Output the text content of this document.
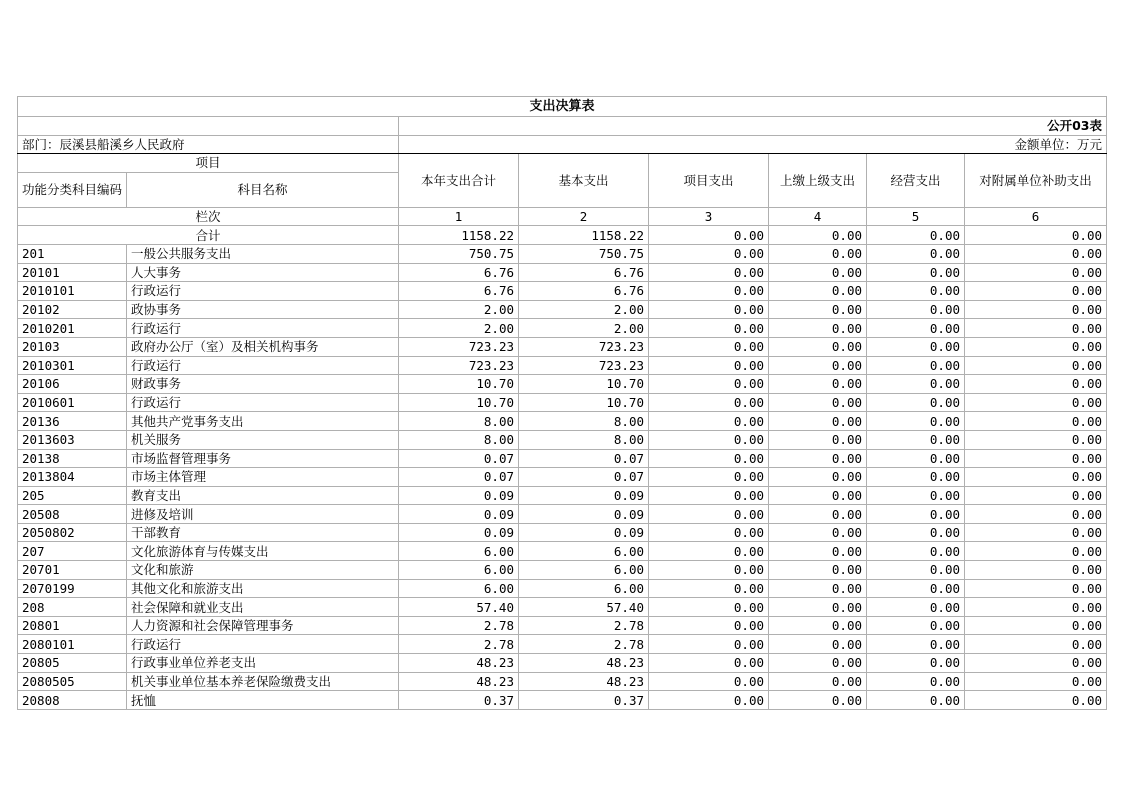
支出决算表							
		公开03表					
部门：辰溪县船溪乡人民政府		金额单位：万元					
项目		本年支出合计	基本支出	项目支出	上缴上级支出	经营支出	对附属单位补助支出
功能分类科目编码	科目名称						
栏次		1	2	3	4	5	6
合计		1158.22	1158.22	0.00	0.00	0.00	0.00
201	一般公共服务支出	750.75	750.75	0.00	0.00	0.00	0.00
20101	人大事务	6.76	6.76	0.00	0.00	0.00	0.00
2010101	行政运行	6.76	6.76	0.00	0.00	0.00	0.00
20102	政协事务	2.00	2.00	0.00	0.00	0.00	0.00
2010201	行政运行	2.00	2.00	0.00	0.00	0.00	0.00
20103	政府办公厅（室）及相关机构事务	723.23	723.23	0.00	0.00	0.00	0.00
2010301	行政运行	723.23	723.23	0.00	0.00	0.00	0.00
20106	财政事务	10.70	10.70	0.00	0.00	0.00	0.00
2010601	行政运行	10.70	10.70	0.00	0.00	0.00	0.00
20136	其他共产党事务支出	8.00	8.00	0.00	0.00	0.00	0.00
2013603	机关服务	8.00	8.00	0.00	0.00	0.00	0.00
20138	市场监督管理事务	0.07	0.07	0.00	0.00	0.00	0.00
2013804	市场主体管理	0.07	0.07	0.00	0.00	0.00	0.00
205	教育支出	0.09	0.09	0.00	0.00	0.00	0.00
20508	进修及培训	0.09	0.09	0.00	0.00	0.00	0.00
2050802	干部教育	0.09	0.09	0.00	0.00	0.00	0.00
207	文化旅游体育与传媒支出	6.00	6.00	0.00	0.00	0.00	0.00
20701	文化和旅游	6.00	6.00	0.00	0.00	0.00	0.00
2070199	其他文化和旅游支出	6.00	6.00	0.00	0.00	0.00	0.00
208	社会保障和就业支出	57.40	57.40	0.00	0.00	0.00	0.00
20801	人力资源和社会保障管理事务	2.78	2.78	0.00	0.00	0.00	0.00
2080101	行政运行	2.78	2.78	0.00	0.00	0.00	0.00
20805	行政事业单位养老支出	48.23	48.23	0.00	0.00	0.00	0.00
2080505	机关事业单位基本养老保险缴费支出	48.23	48.23	0.00	0.00	0.00	0.00
20808	抚恤	0.37	0.37	0.00	0.00	0.00	0.00
